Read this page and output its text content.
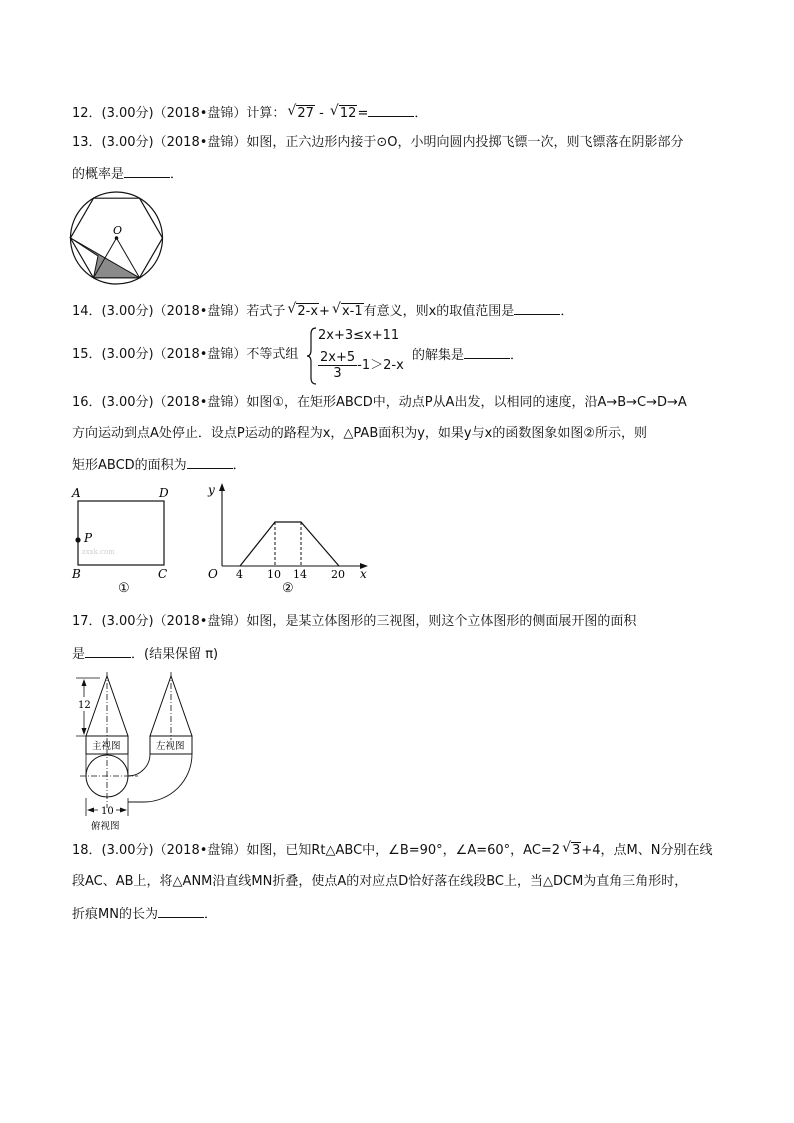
12．(3.00分)（2018•盘锦）计算： √ 27 - √ 12=	．
13．(3.00分)（2018•盘锦）如图，正六边形内接于⊙O，小明向圆内投掷飞镖一次，则飞镖落在阴影部分
的概率是	．
O
14．(3.00分)（2018•盘锦）若式子 √ 2-x+ √ x-1有意义，则x的取值范围是	．
15．(3.00分)（2018•盘锦）不等式组
2x+3≤x+11
$\frac{2x+5}{3} -1>2-x$
的解集是	．
16．(3.00分)（2018•盘锦）如图①，在矩形ABCD中，动点P从A出发，以相同的速度，沿A→B→C→D→A
方向运动到点A处停止．设点P运动的路程为x，△PAB面积为y，如果y与x的函数图象如图②所示，则
矩形ABCD的面积为	．
A	D
B	C
P
zxxk.com
①
y
x
O 4 10 14 20
②
17．(3.00分)（2018•盘锦）如图，是某立体图形的三视图，则这个立体图形的侧面展开图的面积
是	．(结果保留 π)
12
主视图	左视图
10
俯视图
18．(3.00分)（2018•盘锦）如图，已知Rt△ABC中，∠B=90°，∠A=60°，AC=2 √ 3+4，点M、N分别在线
段AC、AB上，将△ANM沿直线MN折叠，使点A的对应点D恰好落在线段BC上，当△DCM为直角三角形时，
折痕MN的长为	．
